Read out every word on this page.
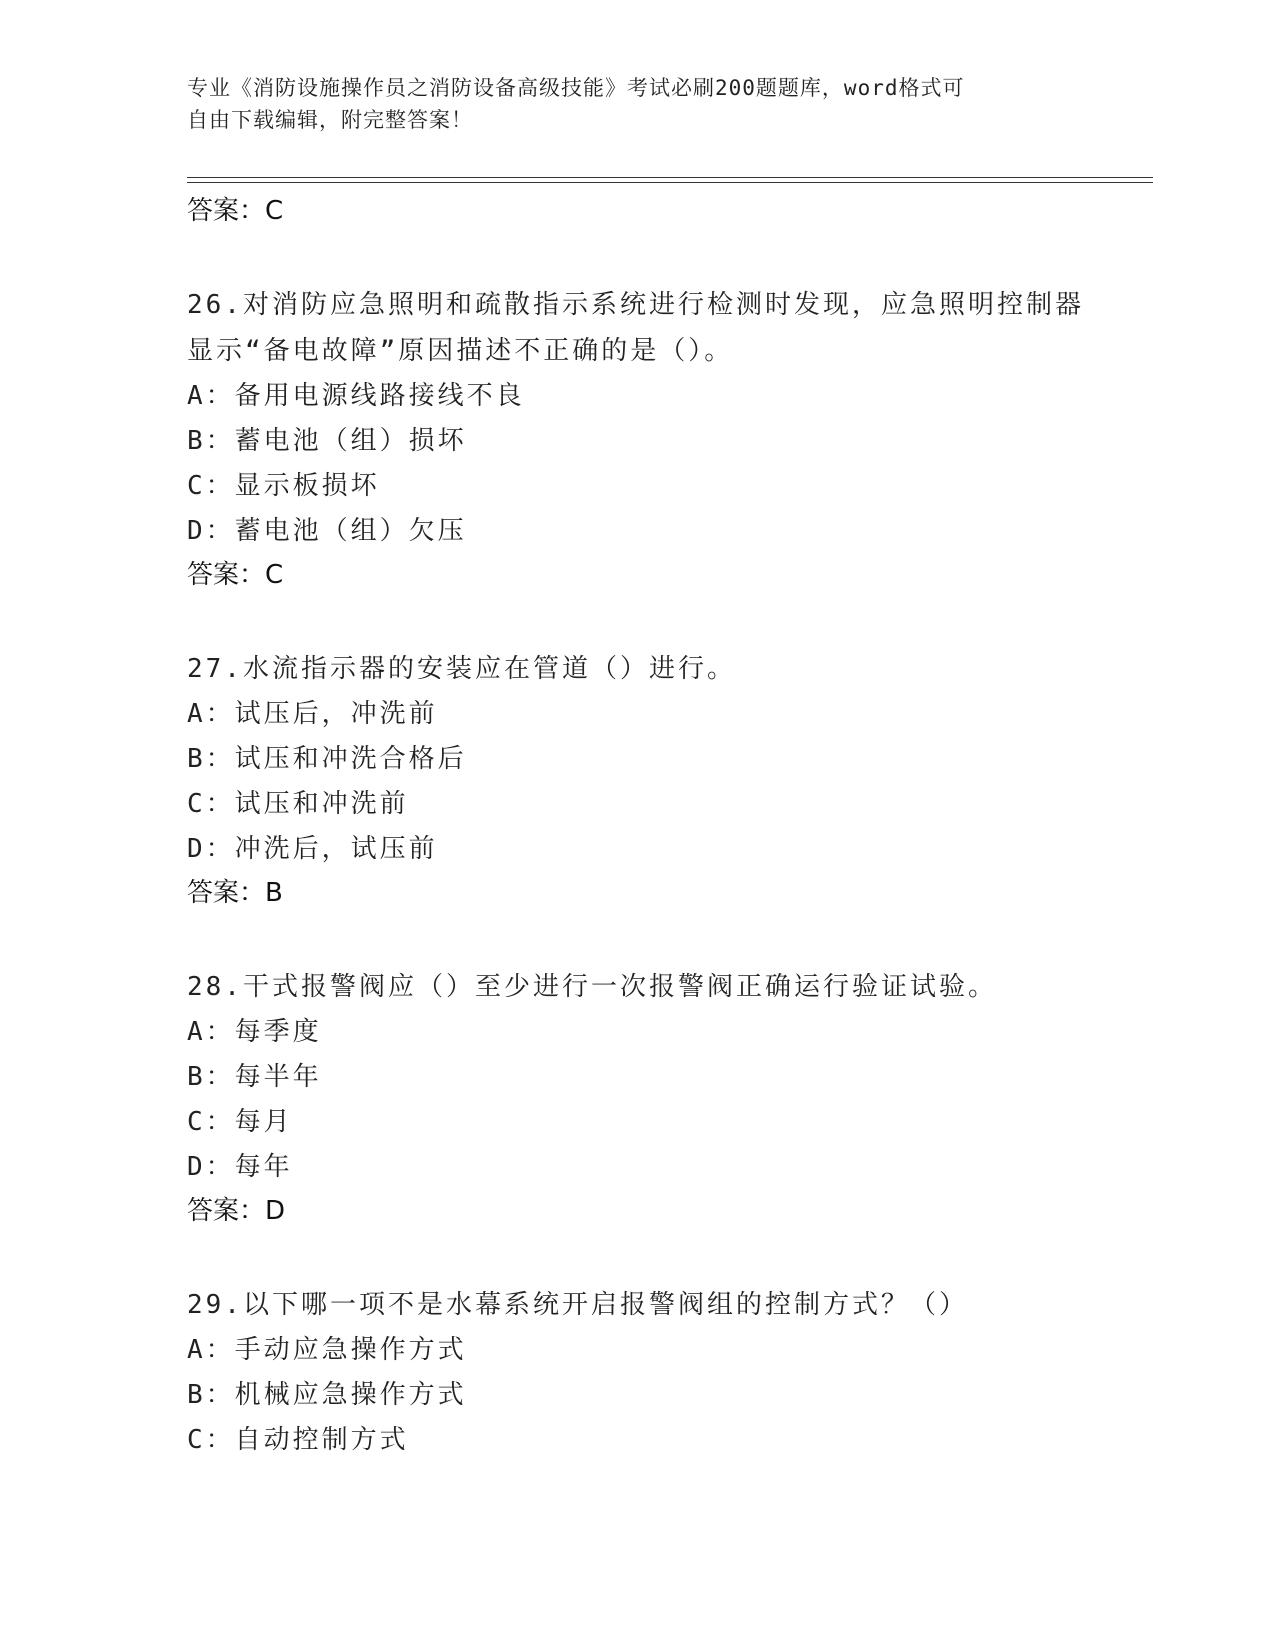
专业《消防设施操作员之消防设备高级技能》考试必刷200题题库，word格式可
自由下载编辑，附完整答案！
答案：C
26.对消防应急照明和疏散指示系统进行检测时发现，应急照明控制器
显示“备电故障”原因描述不正确的是（）。
A：备用电源线路接线不良
B：蓄电池（组）损坏
C：显示板损坏
D：蓄电池（组）欠压
答案：C
27.水流指示器的安装应在管道（）进行。
A：试压后，冲洗前
B：试压和冲洗合格后
C：试压和冲洗前
D：冲洗后，试压前
答案：B
28.干式报警阀应（）至少进行一次报警阀正确运行验证试验。
A：每季度
B：每半年
C：每月
D：每年
答案：D
29.以下哪一项不是水幕系统开启报警阀组的控制方式？（）
A：手动应急操作方式
B：机械应急操作方式
C：自动控制方式
